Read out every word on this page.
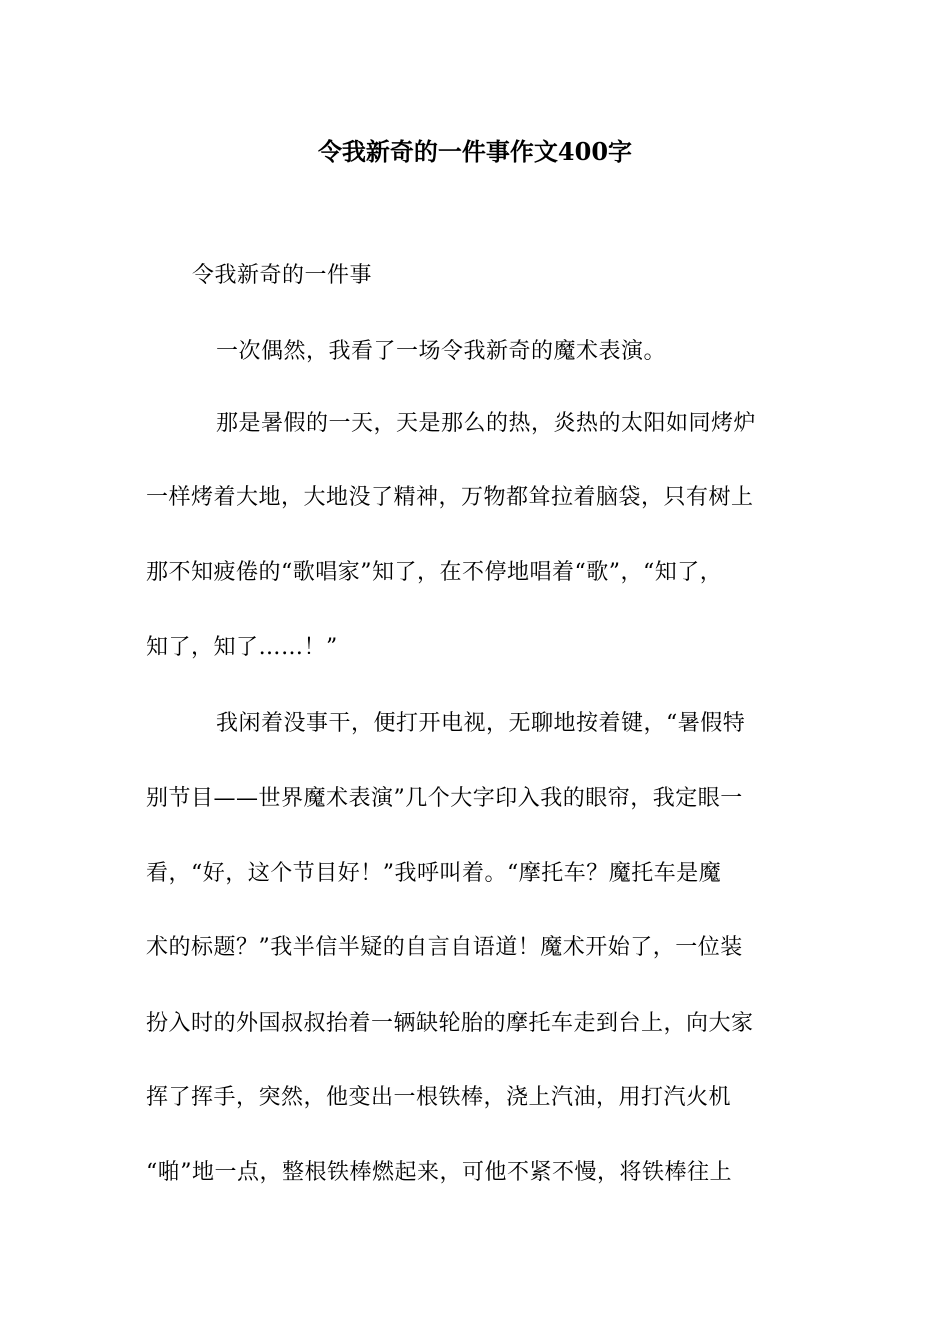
令我新奇的一件事作文400字
令我新奇的一件事
一次偶然，我看了一场令我新奇的魔术表演。
那是暑假的一天，天是那么的热，炎热的太阳如同烤炉
一样烤着大地，大地没了精神，万物都耸拉着脑袋，只有树上
那不知疲倦的“歌唱家”知了，在不停地唱着“歌”，“知了，
知了，知了……！”
我闲着没事干，便打开电视，无聊地按着键，“暑假特
别节目——世界魔术表演”几个大字印入我的眼帘，我定眼一
看，“好，这个节目好！”我呼叫着。“摩托车？魔托车是魔
术的标题？”我半信半疑的自言自语道！魔术开始了，一位装
扮入时的外国叔叔抬着一辆缺轮胎的摩托车走到台上，向大家
挥了挥手，突然，他变出一根铁棒，浇上汽油，用打汽火机
“啪”地一点，整根铁棒燃起来，可他不紧不慢，将铁棒往上
